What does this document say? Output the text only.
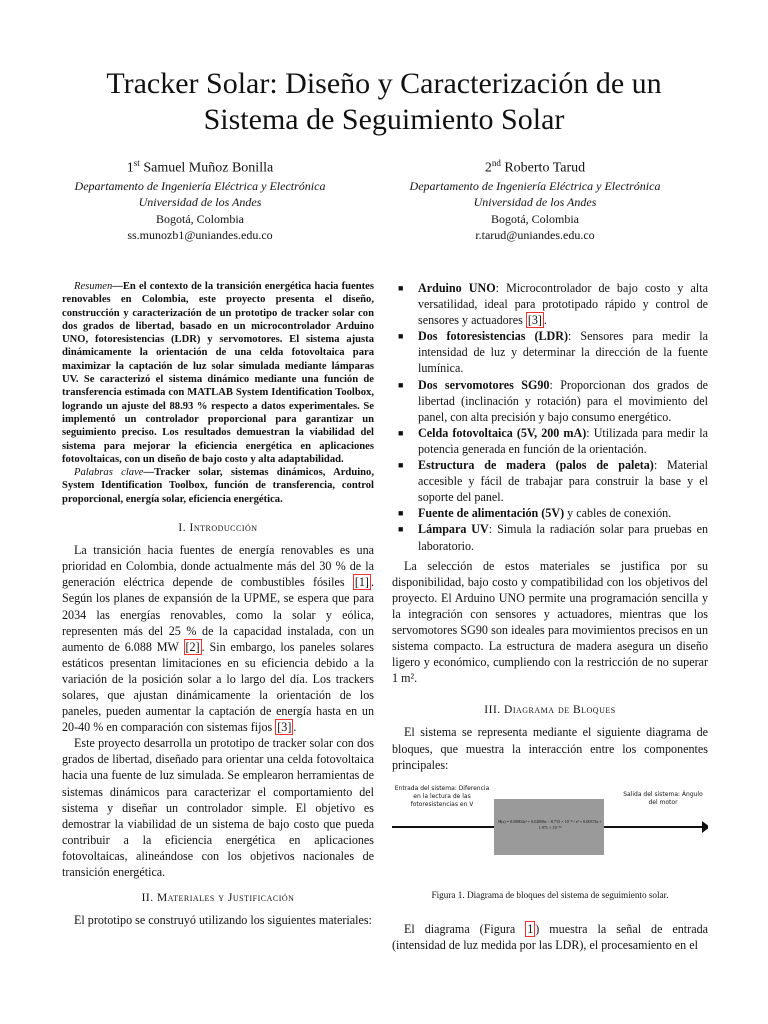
Tracker Solar: Diseño y Caracterización de un Sistema de Seguimiento Solar
1st Samuel Muñoz Bonilla
Departamento de Ingeniería Eléctrica y Electrónica
Universidad de los Andes
Bogotá, Colombia
ss.munozb1@uniandes.edu.co
2nd Roberto Tarud
Departamento de Ingeniería Eléctrica y Electrónica
Universidad de los Andes
Bogotá, Colombia
r.tarud@uniandes.edu.co

Resumen—En el contexto de la transición energética hacia fuentes renovables en Colombia, este proyecto presenta el diseño, construcción y caracterización de un prototipo de tracker solar con dos grados de libertad, basado en un microcontrolador Arduino UNO, fotoresistencias (LDR) y servomotores. El sistema ajusta dinámicamente la orientación de una celda fotovoltaica para maximizar la captación de luz solar simulada mediante lámparas UV. Se caracterizó el sistema dinámico mediante una función de transferencia estimada con MATLAB System Identification Toolbox, logrando un ajuste del 88.93 % respecto a datos experimentales. Se implementó un controlador proporcional para garantizar un seguimiento preciso. Los resultados demuestran la viabilidad del sistema para mejorar la eficiencia energética en aplicaciones fotovoltaicas, con un diseño de bajo costo y alta adaptabilidad.

Palabras clave—Tracker solar, sistemas dinámicos, Arduino, System Identification Toolbox, función de transferencia, control proporcional, energía solar, eficiencia energética.

I. Introducción

La transición hacia fuentes de energía renovables es una prioridad en Colombia, donde actualmente más del 30 % de la generación eléctrica depende de combustibles fósiles [1] . Según los planes de expansión de la UPME, se espera que para 2034 las energías renovables, como la solar y eólica, representen más del 25 % de la capacidad instalada, con un aumento de 6.088 MW [2] . Sin embargo, los paneles solares estáticos presentan limitaciones en su eficiencia debido a la variación de la posición solar a lo largo del día. Los trackers solares, que ajustan dinámicamente la orientación de los paneles, pueden aumentar la captación de energía hasta en un 20-40 % en comparación con sistemas fijos [3] .

Este proyecto desarrolla un prototipo de tracker solar con dos grados de libertad, diseñado para orientar una celda fotovoltaica hacia una fuente de luz simulada. Se emplearon herramientas de sistemas dinámicos para caracterizar el comportamiento del sistema y diseñar un controlador simple. El objetivo es demostrar la viabilidad de un sistema de bajo costo que pueda contribuir a la eficiencia energética en aplicaciones fotovoltaicas, alineándose con los objetivos nacionales de transición energética.

II. Materiales y Justificación

El prototipo se construyó utilizando los siguientes materiales:

■ Arduino UNO: Microcontrolador de bajo costo y alta versatilidad, ideal para prototipado rápido y control de sensores y actuadores [3] .
■ Dos fotoresistencias (LDR): Sensores para medir la intensidad de luz y determinar la dirección de la fuente lumínica.
■ Dos servomotores SG90: Proporcionan dos grados de libertad (inclinación y rotación) para el movimiento del panel, con alta precisión y bajo consumo energético.
■ Celda fotovoltaica (5V, 200 mA): Utilizada para medir la potencia generada en función de la orientación.
■ Estructura de madera (palos de paleta): Material accesible y fácil de trabajar para construir la base y el soporte del panel.
■ Fuente de alimentación (5V) y cables de conexión.
■ Lámpara UV: Simula la radiación solar para pruebas en laboratorio.

La selección de estos materiales se justifica por su disponibilidad, bajo costo y compatibilidad con los objetivos del proyecto. El Arduino UNO permite una programación sencilla y la integración con sensores y actuadores, mientras que los servomotores SG90 son ideales para movimientos precisos en un sistema compacto. La estructura de madera asegura un diseño ligero y económico, cumpliendo con la restricción de no superar 1 m².

III. Diagrama de Bloques

El sistema se representa mediante el siguiente diagrama de bloques, que muestra la interacción entre los componentes principales:

H(s) = 0.08804s² + 0.02896s − 8.715 × 10⁻⁸ / s³ + 0.00376s + 1.971 × 10⁻¹³
Entrada del sistema: Diferencia en la lectura de las fotoresistencias en V
Salida del sistema: Ángulo del motor
Figura 1. Diagrama de bloques del sistema de seguimiento solar.

El diagrama (Figura 1 ) muestra la señal de entrada (intensidad de luz medida por las LDR), el procesamiento en el
